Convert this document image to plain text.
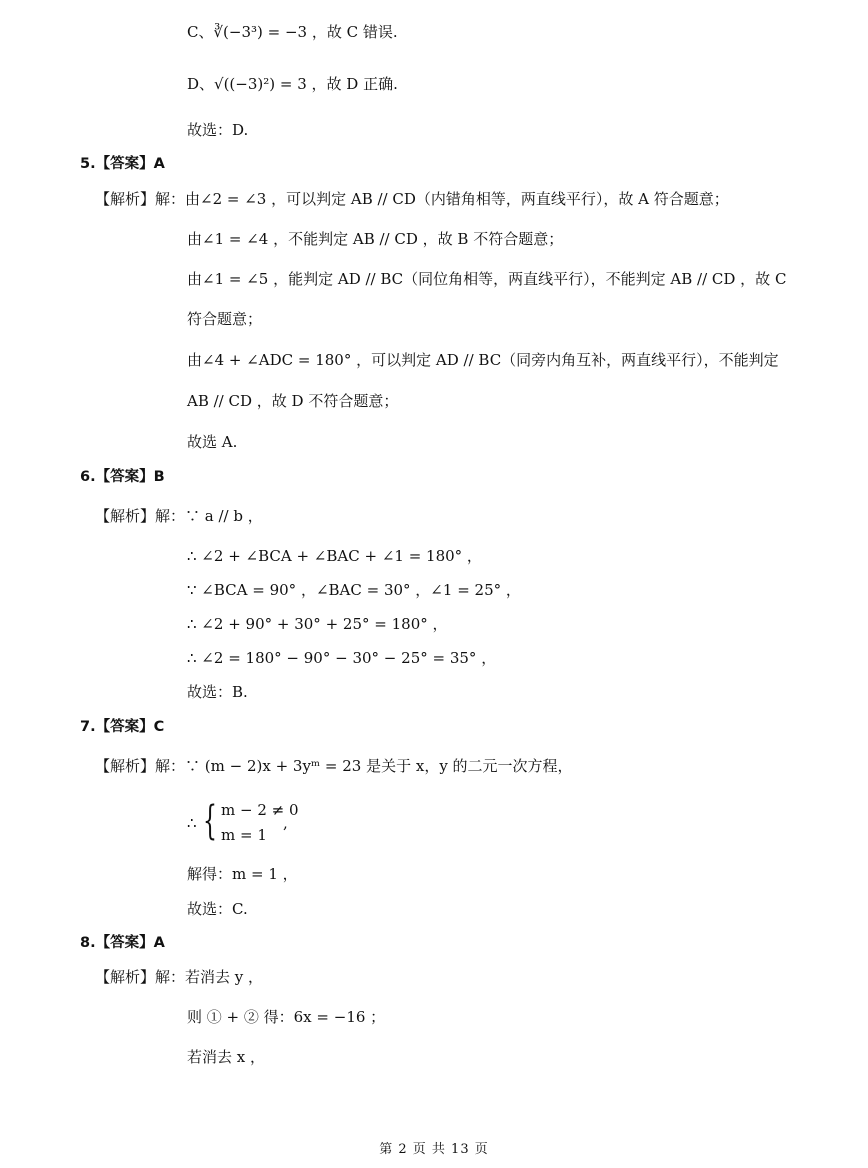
C、∛(−3³) = −3 ，故 C 错误.
D、√((−3)²) = 3 ，故 D 正确.
故选：D.
5.【答案】A
【解析】解：由∠2 = ∠3 ，可以判定 AB // CD（内错角相等，两直线平行），故 A 符合题意；
由∠1 = ∠4 ，不能判定 AB // CD ，故 B 不符合题意；
由∠1 = ∠5 ，能判定 AD // BC（同位角相等，两直线平行），不能判定 AB // CD ，故 C
符合题意；
由∠4 + ∠ADC = 180° ，可以判定 AD // BC（同旁内角互补，两直线平行），不能判定
AB // CD ，故 D 不符合题意；
故选 A.
6.【答案】B
【解析】解：∵ a // b ，
∴ ∠2 + ∠BCA + ∠BAC + ∠1 = 180° ，
∵ ∠BCA = 90° ，∠BAC = 30° ，∠1 = 25° ，
∴ ∠2 + 90° + 30° + 25° = 180° ，
∴ ∠2 = 180° − 90° − 30° − 25° = 35° ，
故选：B.
7.【答案】C
【解析】解：∵ (m − 2)x + 3yᵐ = 23 是关于 x，y 的二元一次方程，
∴ { m − 2 ≠ 0
m = 1
,
解得：m = 1 ，
故选：C.
8.【答案】A
【解析】解：若消去 y ，
则 ① + ② 得：6x = −16 ；
若消去 x ，
第 2 页 共 13 页
